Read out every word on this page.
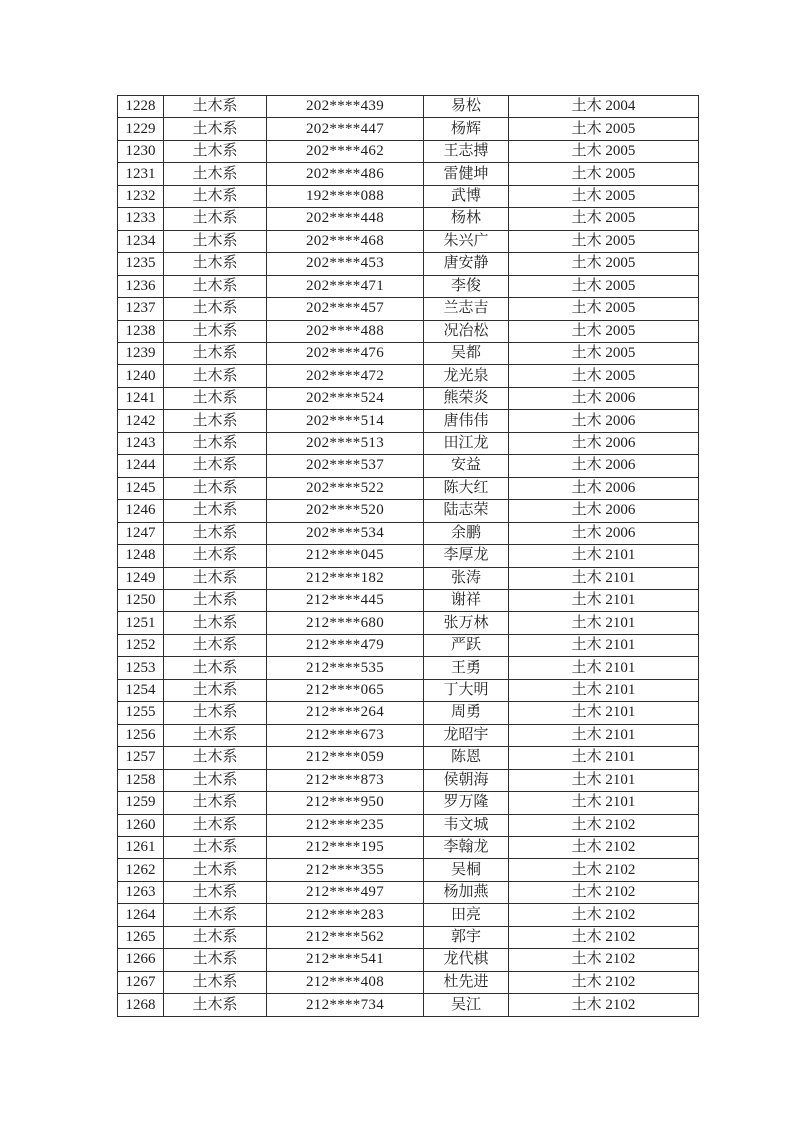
1228	土木系	202****439	易松	土木 2004
1229	土木系	202****447	杨辉	土木 2005
1230	土木系	202****462	王志搏	土木 2005
1231	土木系	202****486	雷健坤	土木 2005
1232	土木系	192****088	武博	土木 2005
1233	土木系	202****448	杨林	土木 2005
1234	土木系	202****468	朱兴广	土木 2005
1235	土木系	202****453	唐安静	土木 2005
1236	土木系	202****471	李俊	土木 2005
1237	土木系	202****457	兰志吉	土木 2005
1238	土木系	202****488	况冶松	土木 2005
1239	土木系	202****476	吴都	土木 2005
1240	土木系	202****472	龙光泉	土木 2005
1241	土木系	202****524	熊荣炎	土木 2006
1242	土木系	202****514	唐伟伟	土木 2006
1243	土木系	202****513	田江龙	土木 2006
1244	土木系	202****537	安益	土木 2006
1245	土木系	202****522	陈大红	土木 2006
1246	土木系	202****520	陆志荣	土木 2006
1247	土木系	202****534	余鹏	土木 2006
1248	土木系	212****045	李厚龙	土木 2101
1249	土木系	212****182	张涛	土木 2101
1250	土木系	212****445	谢祥	土木 2101
1251	土木系	212****680	张万林	土木 2101
1252	土木系	212****479	严跃	土木 2101
1253	土木系	212****535	王勇	土木 2101
1254	土木系	212****065	丁大明	土木 2101
1255	土木系	212****264	周勇	土木 2101
1256	土木系	212****673	龙昭宇	土木 2101
1257	土木系	212****059	陈恩	土木 2101
1258	土木系	212****873	侯朝海	土木 2101
1259	土木系	212****950	罗万隆	土木 2101
1260	土木系	212****235	韦文城	土木 2102
1261	土木系	212****195	李翰龙	土木 2102
1262	土木系	212****355	吴桐	土木 2102
1263	土木系	212****497	杨加燕	土木 2102
1264	土木系	212****283	田亮	土木 2102
1265	土木系	212****562	郭宇	土木 2102
1266	土木系	212****541	龙代棋	土木 2102
1267	土木系	212****408	杜先进	土木 2102
1268	土木系	212****734	吴江	土木 2102
